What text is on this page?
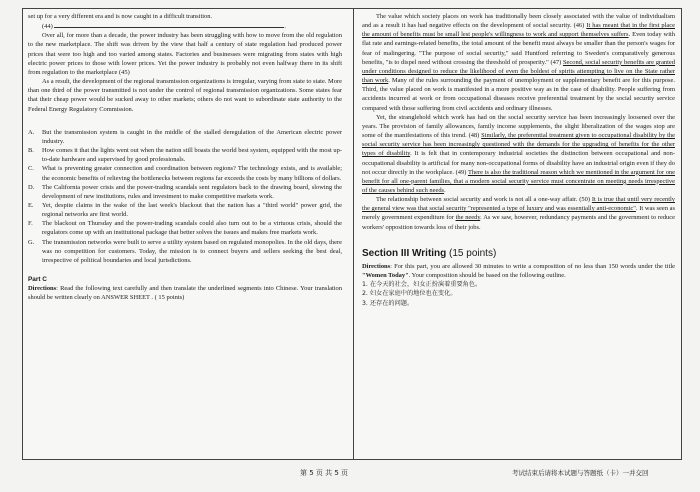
set up for a very different era and is now caught in a difficult transition.

(44)	.

Over all, for more than a decade, the power industry has been struggling with how to move from the old regulation to the new marketplace. The shift was driven by the view that half a century of state regulation had produced power prices that were too high and too varied among states. Factories and businesses were migrating from states with high electric power prices to those with lower prices. Yet the power industry is probably not even halfway there in its shift from regulation to the marketplace (45)

As a result, the development of the regional transmission organizations is irregular, varying from state to state. More than one third of the power transmitted is not under the control of regional transmission organizations. Some states fear that their cheap power would be sucked away to other markets; others do not want to subordinate state authority to the Federal Energy Regulatory Commission.

A.	But the transmission system is caught in the middle of the stalled deregulation of the American electric power industry.
B.	How comes it that the lights went out when the nation still boasts the world best system, equipped with the most up-to-date hardware and supervised by good professionals.
C.	What is preventing greater connection and coordination between regions? The technology exists, and is available; the economic benefits of relieving the bottlenecks between regions far exceeds the costs by many billions of dollars.
D.	The California power crisis and the power-trading scandals sent regulators back to the drawing board, slowing the development of new institutions, rules and investment to make competitive markets work.
E.	Yet, despite claims in the wake of the last week's blackout that the nation has a "third world" power grid, the regional networks are first world.
F.	The blackout on Thursday and the power-trading scandals could also turn out to be a virtuous crisis, should the regulators come up with an institutional package that better solves the issues and makes free markets work.
G.	The transmission networks were built to serve a utility system based on regulated monopolies. In the old days, there was no competition for customers. Today, the mission is to connect buyers and sellers seeking the best deal, irrespective of political boundaries and local jurisdictions.

Part C

Directions: Read the following text carefully and then translate the underlined segments into Chinese. Your translation should be written clearly on ANSWER SHEET . ( 15 points)

The value which society places on work has traditionally been closely associated with the value of individualism and as a result it has had negative effects on the development of social security. (46) It has meant that in the first place the amount of benefits must be small lest people's willingness to work and support themselves suffers. Even today with flat rate and earnings-related benefits, the total amount of the benefit must always be smaller than the person's wages for fear of malingering. "The purpose of social security," said Huntford referring to Sweden's comparatively generous benefits, "is to dispel need without crossing the threshold of prosperity." (47) Second, social security benefits are granted under conditions designed to reduce the likelihood of even the boldest of spirits attempting to live on the State rather than work. Many of the rules surrounding the payment of unemployment or supplementary benefit are for this purpose. Third, the value placed on work is manifested in a more positive way as in the case of disability. People suffering from accidents incurred at work or from occupational diseases receive preferential treatment by the social security service compared with those suffering from civil accidents and ordinary illnesses.

Yet, the stranglehold which work has had on the social security service has been increasingly loosened over the years. The provision of family allowances, family income supplements, the slight liberalization of the wages stop are some of the manifestations of this trend. (48) Similarly, the preferential treatment given to occupational disability by the social security service has been increasingly questioned with the demands for the upgrading of benefits for the other types of disability. It is felt that in contemporary industrial societies the distinction between occupational and non-occupational disability is artificial for many non-occupational forms of disability have an industrial origin even if they do not occur directly in the workplace. (49) There is also the traditional reason which we mentioned in the argument for one benefit for all one-parent families, that a modern social security service must concentrate on meeting needs irrespective of the causes behind such needs.

The relationship between social security and work is not all a one-way affair. (50) It is true that until very recently the general view was that social security "represented a type of luxury and was essentially anti-economic". It was seen as merely government expenditure for the needy. As we saw, however, redundancy payments and the government to reduce workers' opposition towards loss of their jobs.

Section III Writing (15 points)

Directions: For this part, you are allowed 30 minutes to write a composition of no less than 150 words under the title "Women Today". Your composition should be based on the following outline.

1. 在今天的社会，妇女正扮演着重要角色。

2. 妇女在家庭中的地位也在变化。

3. 还存在的问题。

第 5 页 共 5 页	考试结束后请将本试题与答题纸（卡）一并交回
